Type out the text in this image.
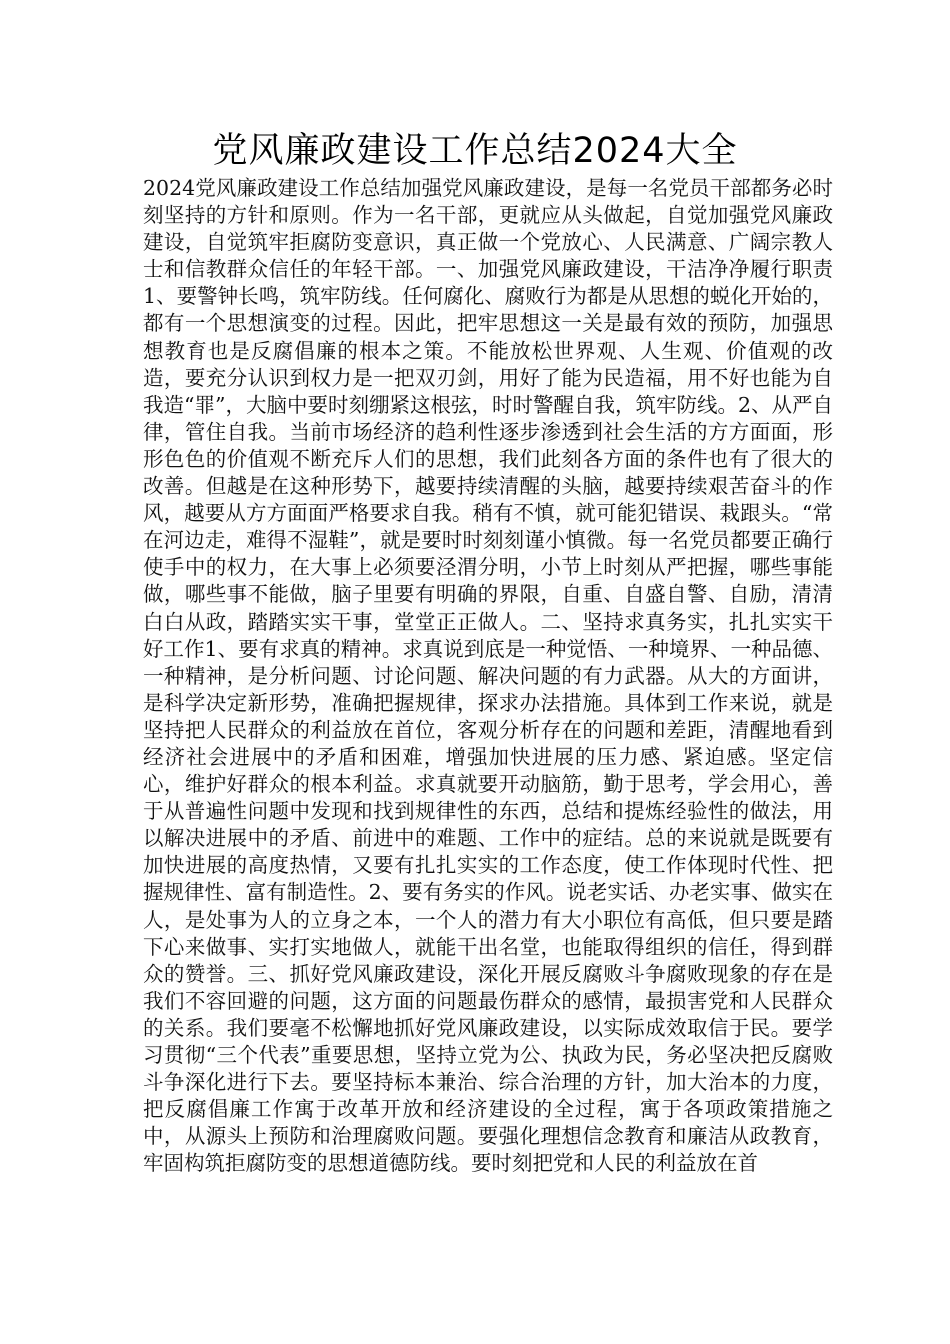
党风廉政建设工作总结2024大全

2024党风廉政建设工作总结加强党风廉政建设，是每一名党员干部都务必时刻坚持的方针和原则。作为一名干部，更就应从头做起，自觉加强党风廉政建设，自觉筑牢拒腐防变意识，真正做一个党放心、人民满意、广阔宗教人士和信教群众信任的年轻干部。一、加强党风廉政建设，干洁净净履行职责1、要警钟长鸣，筑牢防线。任何腐化、腐败行为都是从思想的蜕化开始的，都有一个思想演变的过程。因此，把牢思想这一关是最有效的预防，加强思想教育也是反腐倡廉的根本之策。不能放松世界观、人生观、价值观的改造，要充分认识到权力是一把双刃剑，用好了能为民造福，用不好也能为自我造“罪”，大脑中要时刻绷紧这根弦，时时警醒自我，筑牢防线。2、从严自律，管住自我。当前市场经济的趋利性逐步渗透到社会生活的方方面面，形形色色的价值观不断充斥人们的思想，我们此刻各方面的条件也有了很大的改善。但越是在这种形势下，越要持续清醒的头脑，越要持续艰苦奋斗的作风，越要从方方面面严格要求自我。稍有不慎，就可能犯错误、栽跟头。“常在河边走，难得不湿鞋”，就是要时时刻刻谨小慎微。每一名党员都要正确行使手中的权力，在大事上必须要泾渭分明，小节上时刻从严把握，哪些事能做，哪些事不能做，脑子里要有明确的界限，自重、自盛自警、自励，清清白白从政，踏踏实实干事，堂堂正正做人。二、坚持求真务实，扎扎实实干好工作1、要有求真的精神。求真说到底是一种觉悟、一种境界、一种品德、一种精神，是分析问题、讨论问题、解决问题的有力武器。从大的方面讲，是科学决定新形势，准确把握规律，探求办法措施。具体到工作来说，就是坚持把人民群众的利益放在首位，客观分析存在的问题和差距，清醒地看到经济社会进展中的矛盾和困难，增强加快进展的压力感、紧迫感。坚定信心，维护好群众的根本利益。求真就要开动脑筋，勤于思考，学会用心，善于从普遍性问题中发现和找到规律性的东西，总结和提炼经验性的做法，用以解决进展中的矛盾、前进中的难题、工作中的症结。总的来说就是既要有加快进展的高度热情，又要有扎扎实实的工作态度，使工作体现时代性、把握规律性、富有制造性。2、要有务实的作风。说老实话、办老实事、做实在人，是处事为人的立身之本，一个人的潜力有大小职位有高低，但只要是踏下心来做事、实打实地做人，就能干出名堂，也能取得组织的信任，得到群众的赞誉。三、抓好党风廉政建设，深化开展反腐败斗争腐败现象的存在是我们不容回避的问题，这方面的问题最伤群众的感情，最损害党和人民群众的关系。我们要毫不松懈地抓好党风廉政建设，以实际成效取信于民。要学习贯彻“三个代表”重要思想，坚持立党为公、执政为民，务必坚决把反腐败斗争深化进行下去。要坚持标本兼治、综合治理的方针，加大治本的力度，把反腐倡廉工作寓于改革开放和经济建设的全过程，寓于各项政策措施之中，从源头上预防和治理腐败问题。要强化理想信念教育和廉洁从政教育，牢固构筑拒腐防变的思想道德防线。要时刻把党和人民的利益放在首
